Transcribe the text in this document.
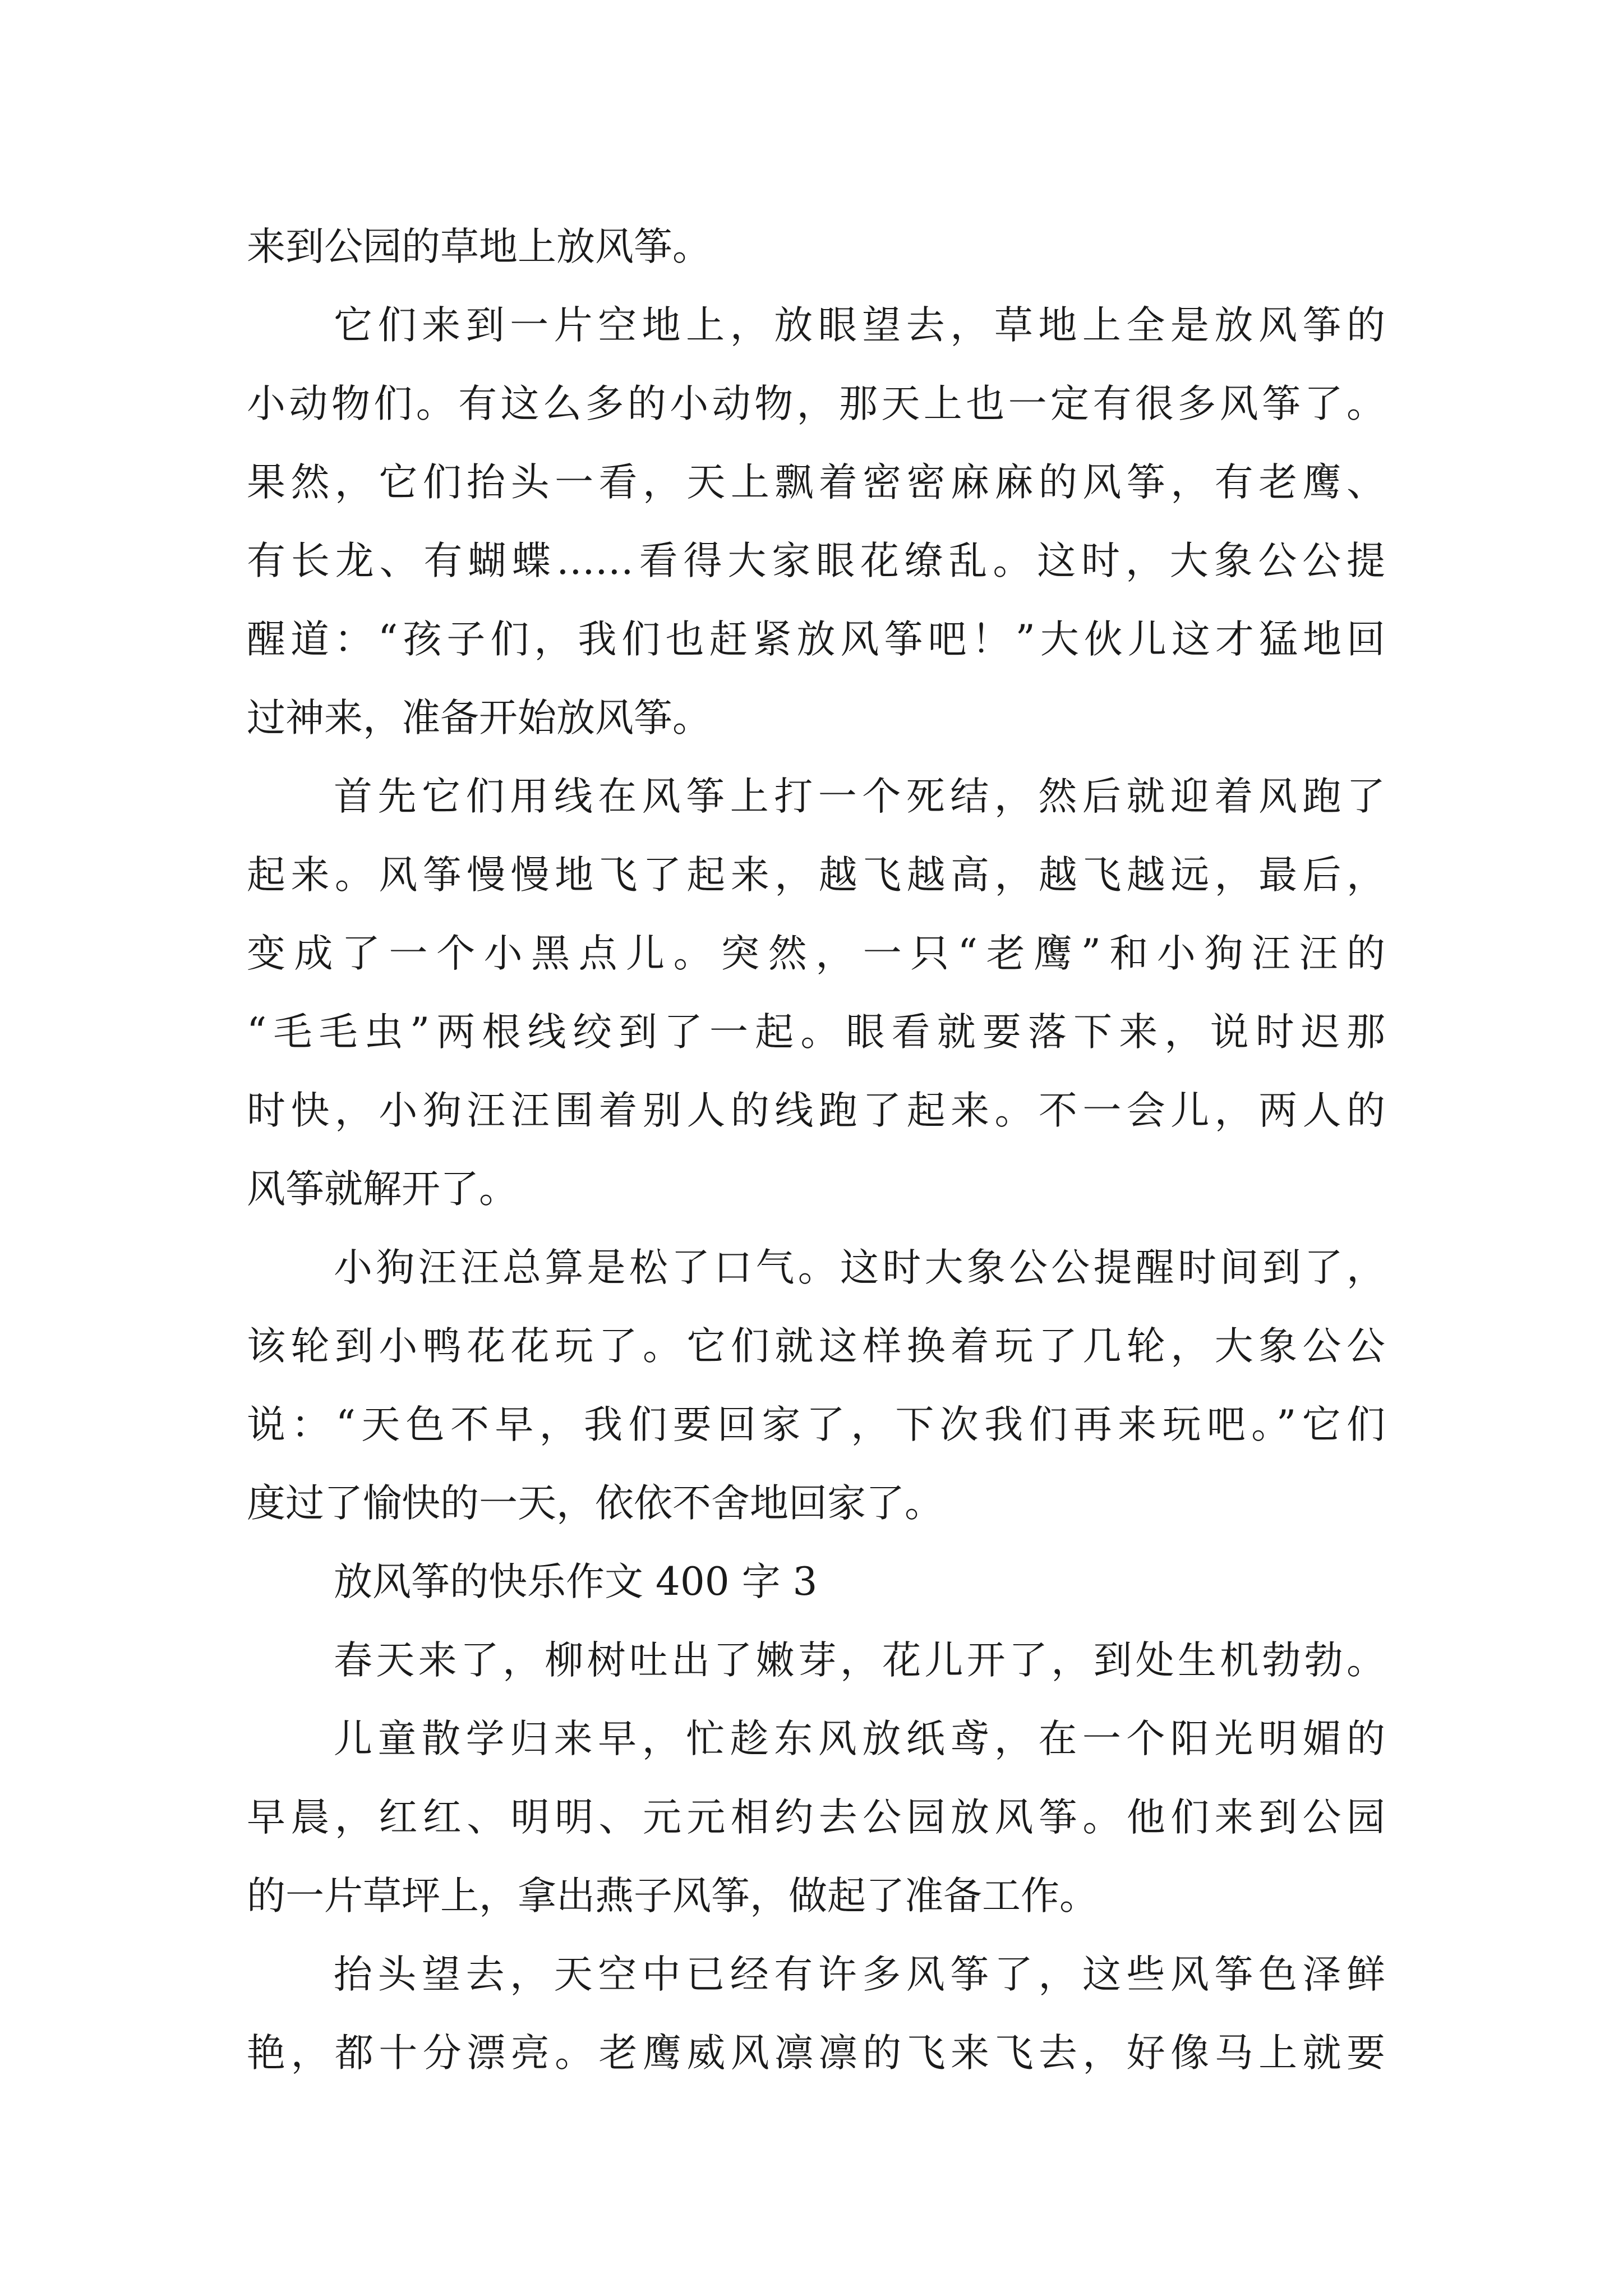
来到公园的草地上放风筝。
它们来到一片空地上，放眼望去，草地上全是放风筝的
小动物们。有这么多的小动物，那天上也一定有很多风筝了。
果然，它们抬头一看，天上飘着密密麻麻的风筝，有老鹰、
有长龙、有蝴蝶……看得大家眼花缭乱。这时，大象公公提
醒道：“孩子们，我们也赶紧放风筝吧！”大伙儿这才猛地回
过神来，准备开始放风筝。
首先它们用线在风筝上打一个死结，然后就迎着风跑了
起来。风筝慢慢地飞了起来，越飞越高，越飞越远，最后，
变成了一个小黑点儿。突然，一只“老鹰”和小狗汪汪的
“毛毛虫”两根线绞到了一起。眼看就要落下来，说时迟那
时快，小狗汪汪围着别人的线跑了起来。不一会儿，两人的
风筝就解开了。
小狗汪汪总算是松了口气。这时大象公公提醒时间到了，
该轮到小鸭花花玩了。它们就这样换着玩了几轮，大象公公
说：“天色不早，我们要回家了，下次我们再来玩吧。”它们
度过了愉快的一天，依依不舍地回家了。
放风筝的快乐作文 400 字 3
春天来了，柳树吐出了嫩芽，花儿开了，到处生机勃勃。
儿童散学归来早，忙趁东风放纸鸢，在一个阳光明媚的
早晨，红红、明明、元元相约去公园放风筝。他们来到公园
的一片草坪上，拿出燕子风筝，做起了准备工作。
抬头望去，天空中已经有许多风筝了，这些风筝色泽鲜
艳，都十分漂亮。老鹰威风凛凛的飞来飞去，好像马上就要
